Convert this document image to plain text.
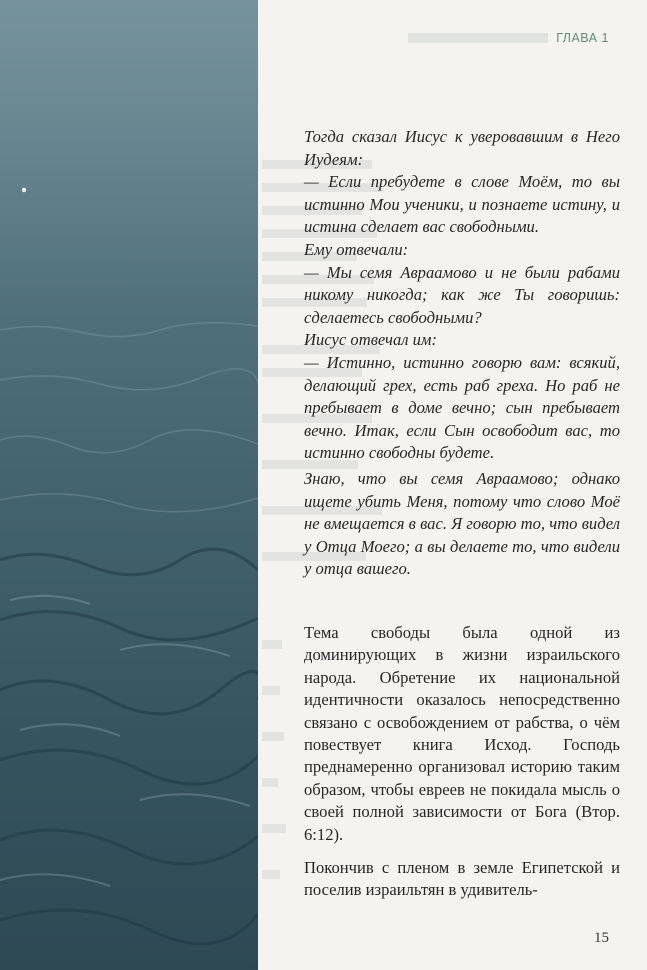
ГЛАВА 1

Тогда сказал Иисус к уверовавшим в Него Иудеям:

— Если пребудете в слове Моём, то вы истинно Мои ученики, и познаете истину, и истина сделает вас свободными.

Ему отвечали:

— Мы семя Авраамово и не были рабами никому никогда; как же Ты говоришь: сделаетесь свободными?

Иисус отвечал им:

— Истинно, истинно говорю вам: всякий, делающий грех, есть раб греха. Но раб не пребывает в доме вечно; сын пребывает вечно. Итак, если Сын освободит вас, то истинно свободны будете.

Знаю, что вы семя Авраамово; однако ищете убить Меня, потому что слово Моё не вмещается в вас. Я говорю то, что видел у Отца Моего; а вы делаете то, что видели у отца вашего.

Тема свободы была одной из доминирующих в жизни израильского народа. Обретение их национальной идентичности оказалось непосредственно связано с освобождением от рабства, о чём повествует книга Исход. Господь преднамеренно организовал историю таким образом, чтобы евреев не покидала мысль о своей полной зависимости от Бога (Втор. 6:12).

Покончив с пленом в земле Египетской и поселив израильтян в удивитель-

15
